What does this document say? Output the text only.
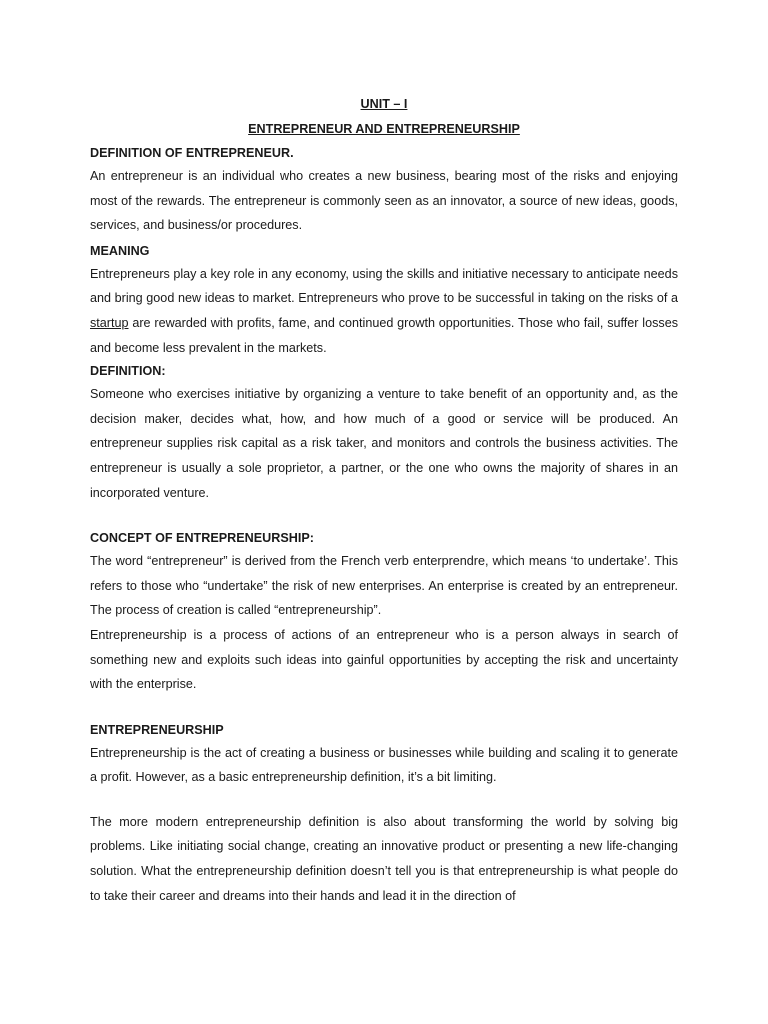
UNIT – I
ENTREPRENEUR AND ENTREPRENEURSHIP
DEFINITION OF ENTREPRENEUR.

An entrepreneur is an individual who creates a new business, bearing most of the risks and enjoying most of the rewards. The entrepreneur is commonly seen as an innovator, a source of new ideas, goods, services, and business/or procedures.

MEANING

Entrepreneurs play a key role in any economy, using the skills and initiative necessary to anticipate needs and bring good new ideas to market. Entrepreneurs who prove to be successful in taking on the risks of a startup are rewarded with profits, fame, and continued growth opportunities. Those who fail, suffer losses and become less prevalent in the markets.

DEFINITION:

Someone who exercises initiative by organizing a venture to take benefit of an opportunity and, as the decision maker, decides what, how, and how much of a good or service will be produced. An entrepreneur supplies risk capital as a risk taker, and monitors and controls the business activities. The entrepreneur is usually a sole proprietor, a partner, or the one who owns the majority of shares in an incorporated venture.

CONCEPT OF ENTREPRENEURSHIP:

The word “entrepreneur” is derived from the French verb enterprendre, which means ‘to undertake’. This refers to those who “undertake” the risk of new enterprises. An enterprise is created by an entrepreneur. The process of creation is called “entrepreneurship”.

Entrepreneurship is a process of actions of an entrepreneur who is a person always in search of something new and exploits such ideas into gainful opportunities by accepting the risk and uncertainty with the enterprise.

ENTREPRENEURSHIP

Entrepreneurship is the act of creating a business or businesses while building and scaling it to generate a profit. However, as a basic entrepreneurship definition, it’s a bit limiting.

The more modern entrepreneurship definition is also about transforming the world by solving big problems. Like initiating social change, creating an innovative product or presenting a new life-changing solution. What the entrepreneurship definition doesn’t tell you is that entrepreneurship is what people do to take their career and dreams into their hands and lead it in the direction of
